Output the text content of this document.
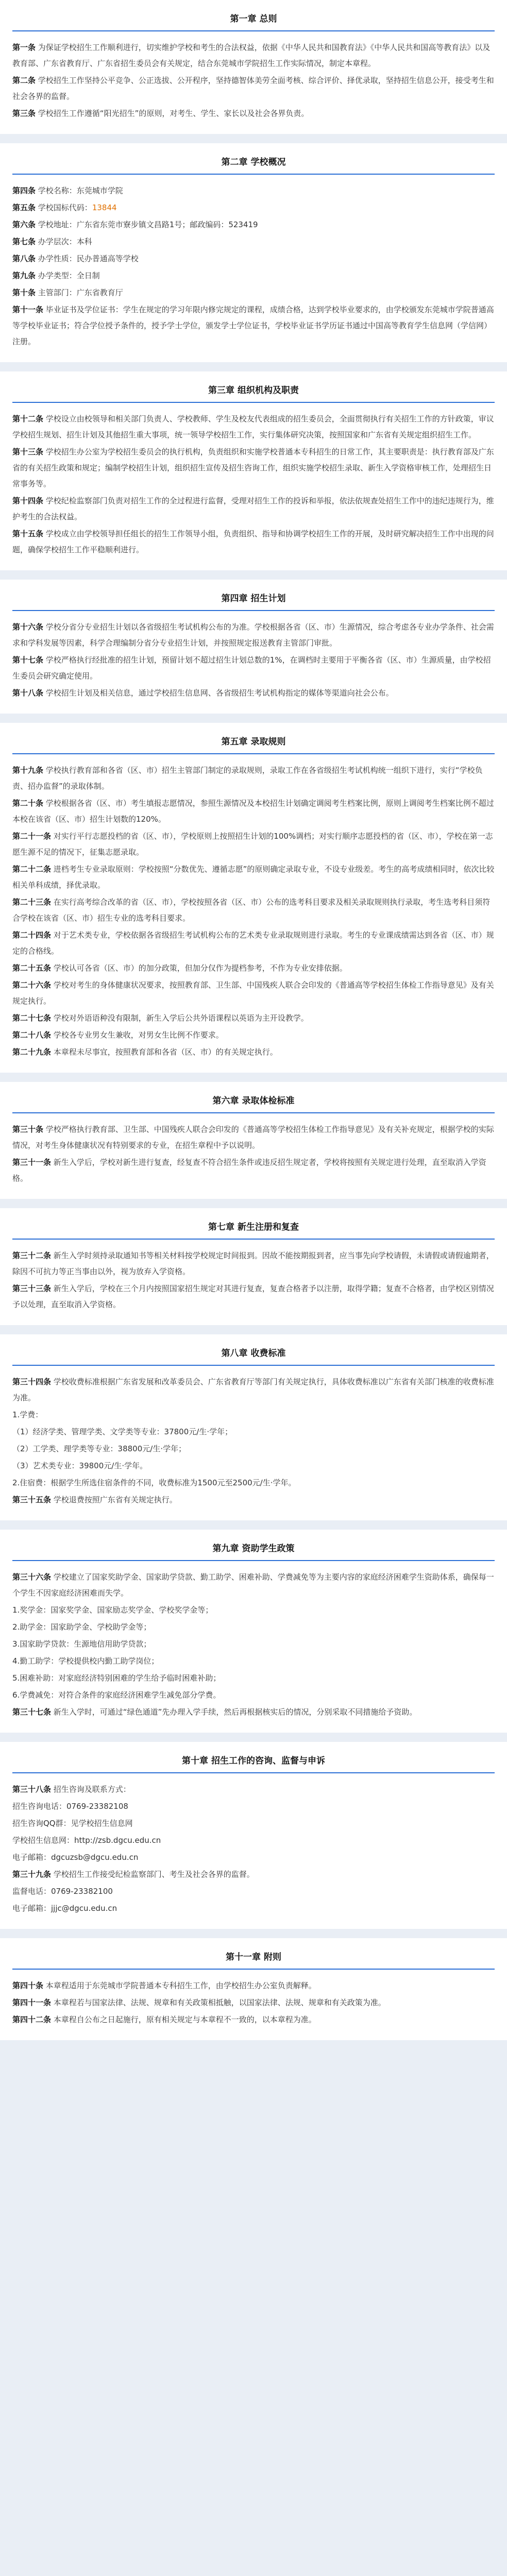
第一章 总则
第一条 为保证学校招生工作顺利进行，切实维护学校和考生的合法权益，依据《中华人民共和国教育法》《中华人民共和国高等教育法》以及教育部、广东省教育厅、广东省招生委员会有关规定，结合东莞城市学院招生工作实际情况，制定本章程。
第二条 学校招生工作坚持公平竞争、公正选拔、公开程序，坚持德智体美劳全面考核、综合评价、择优录取，坚持招生信息公开，接受考生和社会各界的监督。
第三条 学校招生工作遵循“阳光招生”的原则，对考生、学生、家长以及社会各界负责。
第二章 学校概况
第四条 学校名称：东莞城市学院
第五条 学校国标代码：13844
第六条 学校地址：广东省东莞市寮步镇文昌路1号；邮政编码：523419
第七条 办学层次：本科
第八条 办学性质：民办普通高等学校
第九条 办学类型：全日制
第十条 主管部门：广东省教育厅
第十一条 毕业证书及学位证书：学生在规定的学习年限内修完规定的课程，成绩合格，达到学校毕业要求的，由学校颁发东莞城市学院普通高等学校毕业证书；符合学位授予条件的，授予学士学位，颁发学士学位证书，学校毕业证书学历证书通过中国高等教育学生信息网（学信网）注册。
第三章 组织机构及职责
第十二条 学校设立由校领导和相关部门负责人、学校教师、学生及校友代表组成的招生委员会，全面贯彻执行有关招生工作的方针政策，审议学校招生规划、招生计划及其他招生重大事项，统一领导学校招生工作，实行集体研究决策，按照国家和广东省有关规定组织招生工作。
第十三条 学校招生办公室为学校招生委员会的执行机构，负责组织和实施学校普通本专科招生的日常工作，其主要职责是：执行教育部及广东省的有关招生政策和规定；编制学校招生计划，组织招生宣传及招生咨询工作，组织实施学校招生录取、新生入学资格审核工作，处理招生日常事务等。
第十四条 学校纪检监察部门负责对招生工作的全过程进行监督，受理对招生工作的投诉和举报，依法依规查处招生工作中的违纪违规行为，维护考生的合法权益。
第十五条 学校成立由学校领导担任组长的招生工作领导小组，负责组织、指导和协调学校招生工作的开展，及时研究解决招生工作中出现的问题，确保学校招生工作平稳顺利进行。
第四章 招生计划
第十六条 学校分省分专业招生计划以各省级招生考试机构公布的为准。学校根据各省（区、市）生源情况，综合考虑各专业办学条件、社会需求和学科发展等因素，科学合理编制分省分专业招生计划，并按照规定报送教育主管部门审批。
第十七条 学校严格执行经批准的招生计划，预留计划不超过招生计划总数的1%，在调档时主要用于平衡各省（区、市）生源质量，由学校招生委员会研究确定使用。
第十八条 学校招生计划及相关信息，通过学校招生信息网、各省级招生考试机构指定的媒体等渠道向社会公布。
第五章 录取规则
第十九条 学校执行教育部和各省（区、市）招生主管部门制定的录取规则，录取工作在各省级招生考试机构统一组织下进行，实行“学校负责、招办监督”的录取体制。
第二十条 学校根据各省（区、市）考生填报志愿情况，参照生源情况及本校招生计划确定调阅考生档案比例，原则上调阅考生档案比例不超过本校在该省（区、市）招生计划数的120%。
第二十一条 对实行平行志愿投档的省（区、市），学校原则上按照招生计划的100%调档；对实行顺序志愿投档的省（区、市），学校在第一志愿生源不足的情况下，征集志愿录取。
第二十二条 进档考生专业录取原则：学校按照“分数优先、遵循志愿”的原则确定录取专业，不设专业级差。考生的高考成绩相同时，依次比较相关单科成绩，择优录取。
第二十三条 在实行高考综合改革的省（区、市），学校按照各省（区、市）公布的选考科目要求及相关录取规则执行录取，考生选考科目须符合学校在该省（区、市）招生专业的选考科目要求。
第二十四条 对于艺术类专业，学校依据各省级招生考试机构公布的艺术类专业录取规则进行录取。考生的专业课成绩需达到各省（区、市）规定的合格线。
第二十五条 学校认可各省（区、市）的加分政策，但加分仅作为提档参考，不作为专业安排依据。
第二十六条 学校对考生的身体健康状况要求，按照教育部、卫生部、中国残疾人联合会印发的《普通高等学校招生体检工作指导意见》及有关规定执行。
第二十七条 学校对外语语种没有限制，新生入学后公共外语课程以英语为主开设教学。
第二十八条 学校各专业男女生兼收，对男女生比例不作要求。
第二十九条 本章程未尽事宜，按照教育部和各省（区、市）的有关规定执行。
第六章 录取体检标准
第三十条 学校严格执行教育部、卫生部、中国残疾人联合会印发的《普通高等学校招生体检工作指导意见》及有关补充规定，根据学校的实际情况，对考生身体健康状况有特别要求的专业，在招生章程中予以说明。
第三十一条 新生入学后，学校对新生进行复查，经复查不符合招生条件或违反招生规定者，学校将按照有关规定进行处理，直至取消入学资格。
第七章 新生注册和复查
第三十二条 新生入学时须持录取通知书等相关材料按学校规定时间报到。因故不能按期报到者，应当事先向学校请假，未请假或请假逾期者，除因不可抗力等正当事由以外，视为放弃入学资格。
第三十三条 新生入学后，学校在三个月内按照国家招生规定对其进行复查，复查合格者予以注册，取得学籍；复查不合格者，由学校区别情况予以处理，直至取消入学资格。
第八章 收费标准
第三十四条 学校收费标准根据广东省发展和改革委员会、广东省教育厅等部门有关规定执行，具体收费标准以广东省有关部门核准的收费标准为准。
1.学费：
（1）经济学类、管理学类、文学类等专业：37800元/生·学年；
（2）工学类、理学类等专业：38800元/生·学年；
（3）艺术类专业：39800元/生·学年。
2.住宿费：根据学生所选住宿条件的不同，收费标准为1500元至2500元/生·学年。
第三十五条 学校退费按照广东省有关规定执行。
第九章 资助学生政策
第三十六条 学校建立了国家奖助学金、国家助学贷款、勤工助学、困难补助、学费减免等为主要内容的家庭经济困难学生资助体系，确保每一个学生不因家庭经济困难而失学。
1.奖学金：国家奖学金、国家励志奖学金、学校奖学金等；
2.助学金：国家助学金、学校助学金等；
3.国家助学贷款：生源地信用助学贷款；
4.勤工助学：学校提供校内勤工助学岗位；
5.困难补助：对家庭经济特别困难的学生给予临时困难补助；
6.学费减免：对符合条件的家庭经济困难学生减免部分学费。
第三十七条 新生入学时，可通过“绿色通道”先办理入学手续，然后再根据核实后的情况，分别采取不同措施给予资助。
第十章 招生工作的咨询、监督与申诉
第三十八条 招生咨询及联系方式：
招生咨询电话：0769-23382108
招生咨询QQ群：见学校招生信息网
学校招生信息网：http://zsb.dgcu.edu.cn
电子邮箱：dgcuzsb@dgcu.edu.cn
第三十九条 学校招生工作接受纪检监察部门、考生及社会各界的监督。
监督电话：0769-23382100
电子邮箱：jjjc@dgcu.edu.cn
第十一章 附则
第四十条 本章程适用于东莞城市学院普通本专科招生工作，由学校招生办公室负责解释。
第四十一条 本章程若与国家法律、法规、规章和有关政策相抵触，以国家法律、法规、规章和有关政策为准。
第四十二条 本章程自公布之日起施行，原有相关规定与本章程不一致的，以本章程为准。
